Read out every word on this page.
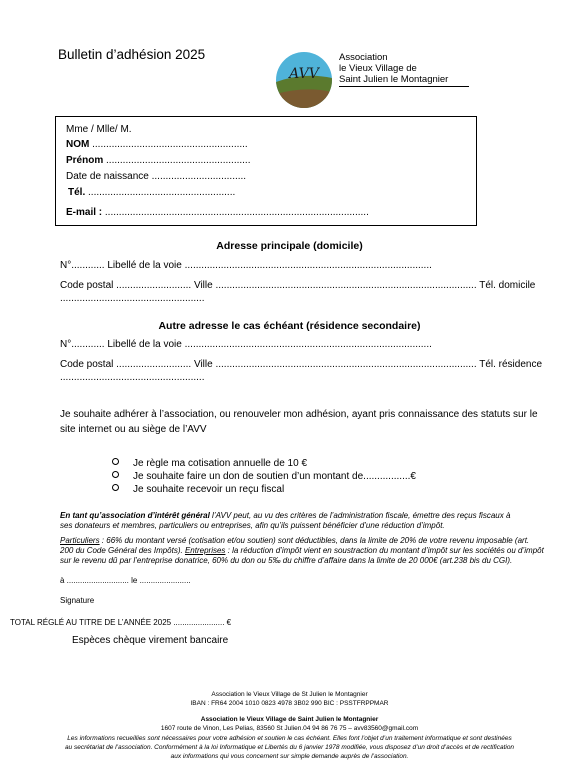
Bulletin d’adhésion 2025
AVV
Association
le Vieux Village de
Saint Julien le Montagnier
Mme / Mlle/ M.
NOM ........................................................
Prénom ....................................................
Date de naissance ..................................
Tél. .....................................................
E-mail : ...............................................................................................
Adresse principale (domicile)
N°............ Libellé de la voie .........................................................................................
Code postal ........................... Ville .............................................................................................. Tél. domicile
....................................................
Autre adresse le cas échéant (résidence secondaire)
N°............ Libellé de la voie .........................................................................................
Code postal ........................... Ville .............................................................................................. Tél. résidence
....................................................
Je souhaite adhérer à l’association, ou renouveler mon adhésion, ayant pris connaissance des statuts sur le
site internet ou au siège de l’AVV
Je règle ma cotisation annuelle de 10 €
Je souhaite faire un don de soutien d’un montant de.................€
Je souhaite recevoir un reçu fiscal
En tant qu’association d’intérêt général l’AVV peut, au vu des critères de l’administration fiscale, émettre des reçus fiscaux à
ses donateurs et membres, particuliers ou entreprises, afin qu’ils puissent bénéficier d’une réduction d’impôt.
Particuliers : 66% du montant versé (cotisation et/ou soutien) sont déductibles, dans la limite de 20% de votre revenu imposable (art.
200 du Code Général des Impôts). Entreprises : la réduction d’impôt vient en soustraction du montant d’impôt sur les sociétés ou d’impôt
sur le revenu dû par l’entreprise donatrice, 60% du don ou 5‰ du chiffre d’affaire dans la limite de 20 000€ (art.238 bis du CGI).
à ............................ le .......................
Signature
TOTAL RÉGLÉ AU TITRE DE L’ANNÉE 2025 ....................... €
Espèces chèque virement bancaire
Association le Vieux Village de St Julien le Montagnier
IBAN : FR64 2004 1010 0823 4978 3B02 990 BIC : PSSTFRPPMAR
Association le Vieux Village de Saint Julien le Montagnier
1607 route de Vinon, Les Pelias, 83560 St Julien.04 94 86 76 75 – avv83560@gmail.com
Les informations recueillies sont nécessaires pour votre adhésion et soutien le cas échéant. Elles font l’objet d’un traitement informatique et sont destinées
au secrétariat de l’association. Conformément à la loi Informatique et Libertés du 6 janvier 1978 modifiée, vous disposez d’un droit d’accès et de rectification
aux informations qui vous concernent sur simple demande auprès de l’association.
